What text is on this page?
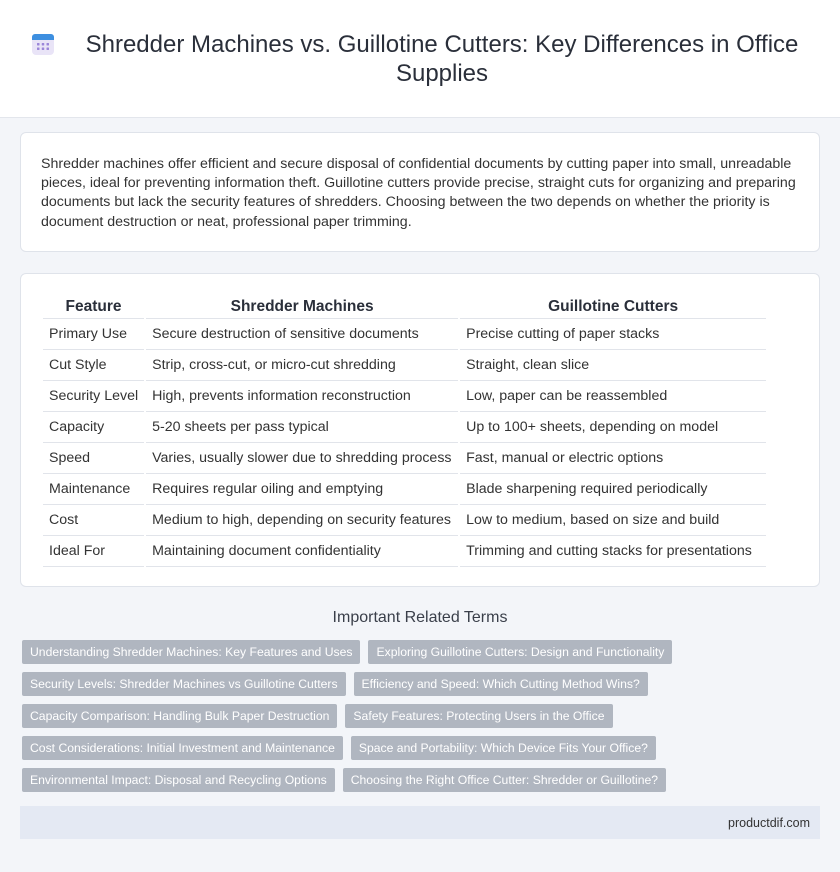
Shredder Machines vs. Guillotine Cutters: Key Differences in Office Supplies

Shredder machines offer efficient and secure disposal of confidential documents by cutting paper into small, unreadable pieces, ideal for preventing information theft. Guillotine cutters provide precise, straight cuts for organizing and preparing documents but lack the security features of shredders. Choosing between the two depends on whether the priority is document destruction or neat, professional paper trimming.

Feature	Shredder Machines	Guillotine Cutters
Primary Use	Secure destruction of sensitive documents	Precise cutting of paper stacks
Cut Style	Strip, cross-cut, or micro-cut shredding	Straight, clean slice
Security Level	High, prevents information reconstruction	Low, paper can be reassembled
Capacity	5-20 sheets per pass typical	Up to 100+ sheets, depending on model
Speed	Varies, usually slower due to shredding process	Fast, manual or electric options
Maintenance	Requires regular oiling and emptying	Blade sharpening required periodically
Cost	Medium to high, depending on security features	Low to medium, based on size and build
Ideal For	Maintaining document confidentiality	Trimming and cutting stacks for presentations
Important Related Terms
Understanding Shredder Machines: Key Features and Uses	Exploring Guillotine Cutters: Design and Functionality
Security Levels: Shredder Machines vs Guillotine Cutters	Efficiency and Speed: Which Cutting Method Wins?
Capacity Comparison: Handling Bulk Paper Destruction	Safety Features: Protecting Users in the Office
Cost Considerations: Initial Investment and Maintenance	Space and Portability: Which Device Fits Your Office?
Environmental Impact: Disposal and Recycling Options	Choosing the Right Office Cutter: Shredder or Guillotine?
productdif.com
